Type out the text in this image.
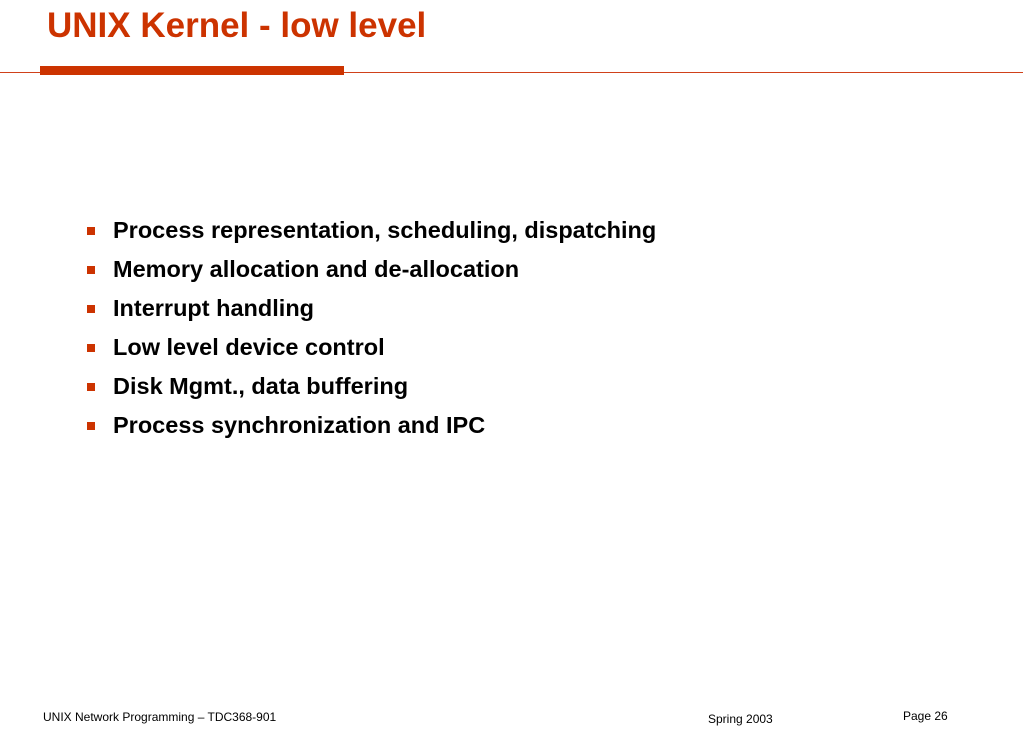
UNIX Kernel - low level
Process representation, scheduling, dispatching
Memory allocation and de-allocation
Interrupt handling
Low level device control
Disk Mgmt., data buffering
Process synchronization and IPC
UNIX Network Programming – TDC368-901	Spring 2003	Page 26
